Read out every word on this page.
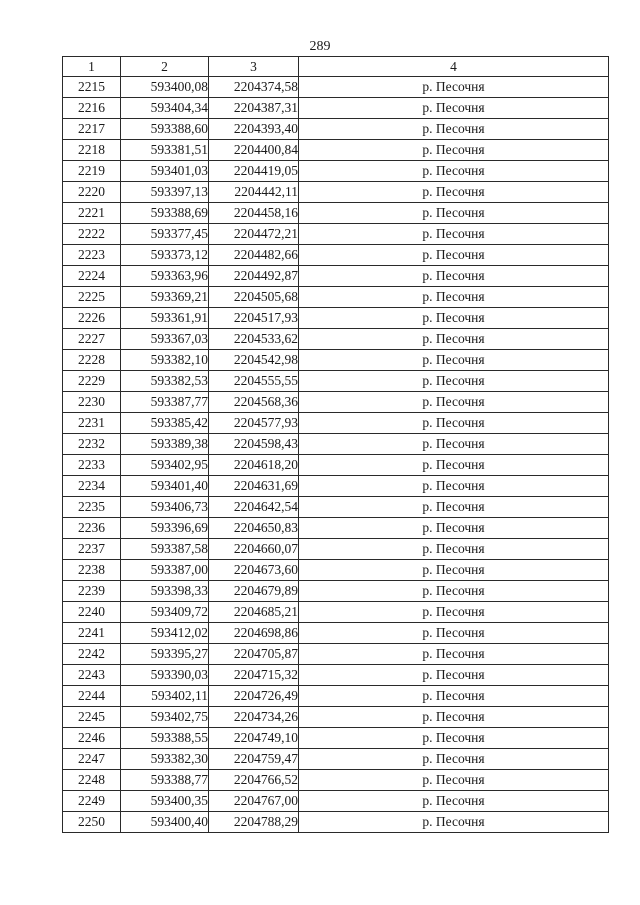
289
1	2	3	4
2215	593400,08	2204374,58	р. Песочня
2216	593404,34	2204387,31	р. Песочня
2217	593388,60	2204393,40	р. Песочня
2218	593381,51	2204400,84	р. Песочня
2219	593401,03	2204419,05	р. Песочня
2220	593397,13	2204442,11	р. Песочня
2221	593388,69	2204458,16	р. Песочня
2222	593377,45	2204472,21	р. Песочня
2223	593373,12	2204482,66	р. Песочня
2224	593363,96	2204492,87	р. Песочня
2225	593369,21	2204505,68	р. Песочня
2226	593361,91	2204517,93	р. Песочня
2227	593367,03	2204533,62	р. Песочня
2228	593382,10	2204542,98	р. Песочня
2229	593382,53	2204555,55	р. Песочня
2230	593387,77	2204568,36	р. Песочня
2231	593385,42	2204577,93	р. Песочня
2232	593389,38	2204598,43	р. Песочня
2233	593402,95	2204618,20	р. Песочня
2234	593401,40	2204631,69	р. Песочня
2235	593406,73	2204642,54	р. Песочня
2236	593396,69	2204650,83	р. Песочня
2237	593387,58	2204660,07	р. Песочня
2238	593387,00	2204673,60	р. Песочня
2239	593398,33	2204679,89	р. Песочня
2240	593409,72	2204685,21	р. Песочня
2241	593412,02	2204698,86	р. Песочня
2242	593395,27	2204705,87	р. Песочня
2243	593390,03	2204715,32	р. Песочня
2244	593402,11	2204726,49	р. Песочня
2245	593402,75	2204734,26	р. Песочня
2246	593388,55	2204749,10	р. Песочня
2247	593382,30	2204759,47	р. Песочня
2248	593388,77	2204766,52	р. Песочня
2249	593400,35	2204767,00	р. Песочня
2250	593400,40	2204788,29	р. Песочня
